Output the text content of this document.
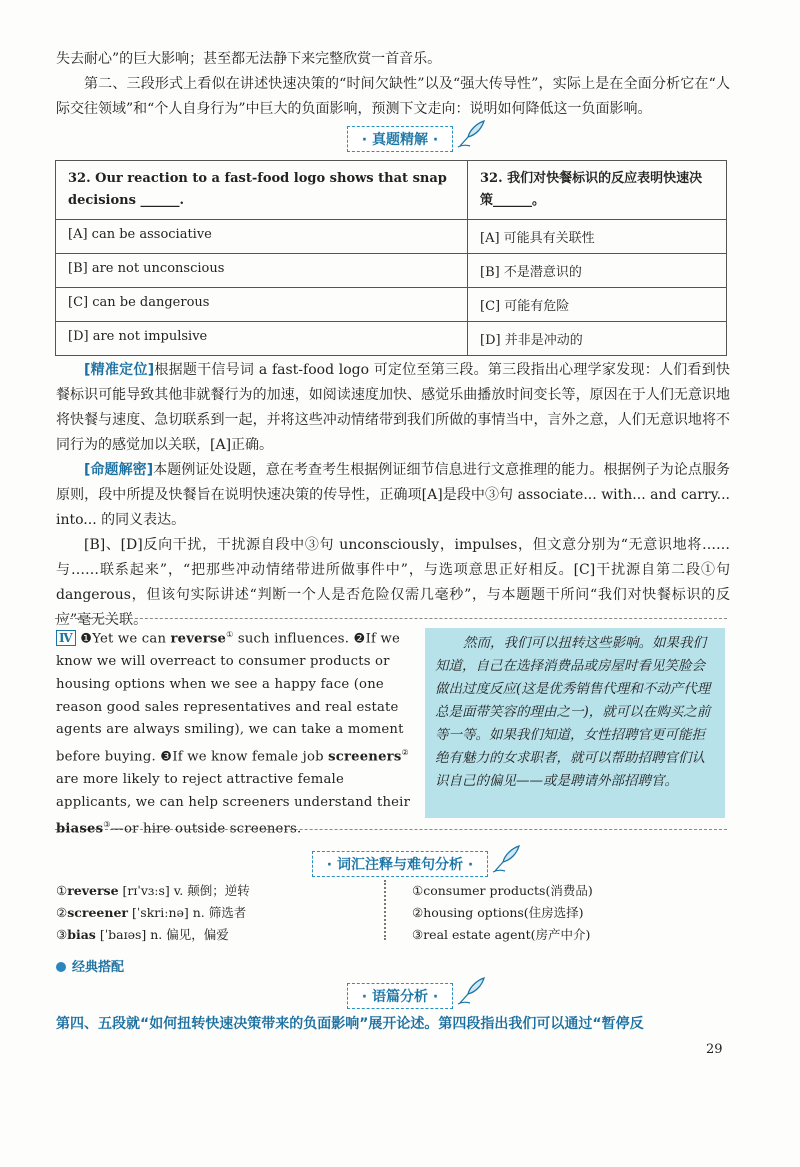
失去耐心”的巨大影响；甚至都无法静下来完整欣赏一首音乐。

第二、三段形式上看似在讲述快速决策的“时间欠缺性”以及“强大传导性”，实际上是在全面分析它在“人际交往领域”和“个人自身行为”中巨大的负面影响，预测下文走向：说明如何降低这一负面影响。

· 真题精解 ·
32. Our reaction to a fast-food logo shows that snap decisions ______.	32. 我们对快餐标识的反应表明快速决策______。
[A] can be associative	[A] 可能具有关联性
[B] are not unconscious	[B] 不是潜意识的
[C] can be dangerous	[C] 可能有危险
[D] are not impulsive	[D] 并非是冲动的

[精准定位]根据题干信号词 a fast-food logo 可定位至第三段。第三段指出心理学家发现：人们看到快餐标识可能导致其他非就餐行为的加速，如阅读速度加快、感觉乐曲播放时间变长等，原因在于人们无意识地将快餐与速度、急切联系到一起，并将这些冲动情绪带到我们所做的事情当中，言外之意，人们无意识地将不同行为的感觉加以关联，[A]正确。

[命题解密]本题例证处设题，意在考查考生根据例证细节信息进行文意推理的能力。根据例子为论点服务原则，段中所提及快餐旨在说明快速决策的传导性，正确项[A]是段中③句 associate... with... and carry... into... 的同义表达。

[B]、[D]反向干扰，干扰源自段中③句 unconsciously，impulses，但文意分别为“无意识地将……与……联系起来”，“把那些冲动情绪带进所做事件中”，与选项意思正好相反。[C]干扰源自第二段①句 dangerous，但该句实际讲述“判断一个人是否危险仅需几毫秒”，与本题题干所问“我们对快餐标识的反应”毫无关联。

Ⅳ ❶Yet we can reverse① such influences. ❷If we know we will overreact to consumer products or housing options when we see a happy face (one reason good sales representatives and real estate agents are always smiling), we can take a moment before buying. ❸If we know female job screeners② are more likely to reject attractive female applicants, we can help screeners understand their biases③—or hire outside screeners.
然而，我们可以扭转这些影响。如果我们知道，自己在选择消费品或房屋时看见笑脸会做出过度反应(这是优秀销售代理和不动产代理总是面带笑容的理由之一)，就可以在购买之前等一等。如果我们知道，女性招聘官更可能拒绝有魅力的女求职者，就可以帮助招聘官们认识自己的偏见——或是聘请外部招聘官。
· 词汇注释与难句分析 ·
①reverse [rɪˈvɜːs] v. 颠倒；逆转
②screener [ˈskriːnə] n. 筛选者
③bias [ˈbaɪəs] n. 偏见，偏爱
①consumer products(消费品)
②housing options(住房选择)
③real estate agent(房产中介)
经典搭配
· 语篇分析 ·
第四、五段就“如何扭转快速决策带来的负面影响”展开论述。第四段指出我们可以通过“暂停反
29
